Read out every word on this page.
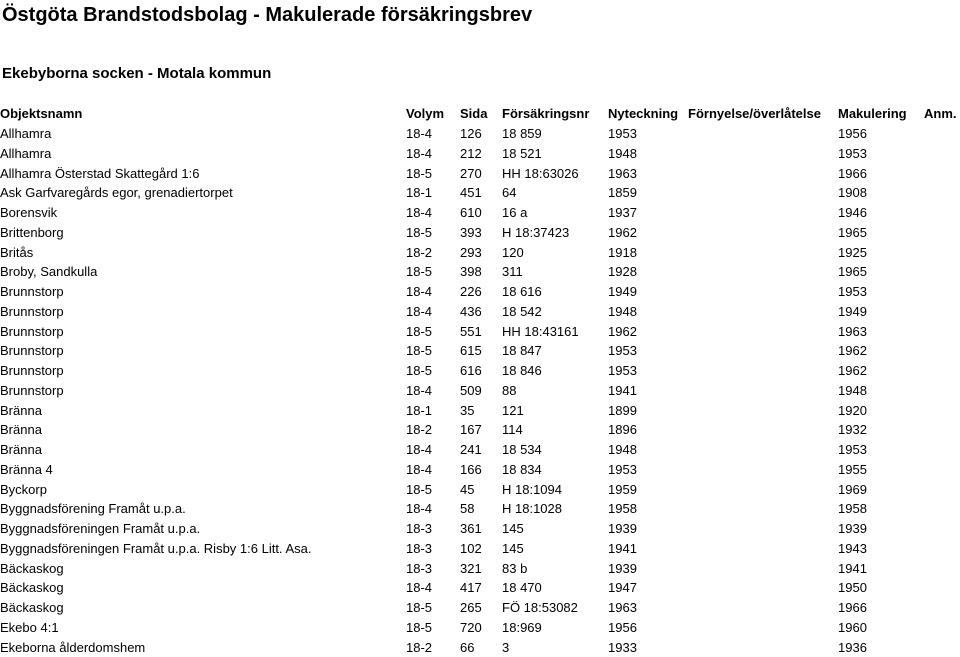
Östgöta Brandstodsbolag - Makulerade försäkringsbrev
Ekebyborna socken - Motala kommun
Objektsnamn	Volym	Sida	Försäkringsnr	Nyteckning	Förnyelse/överlåtelse	Makulering	Anm.
Allhamra	18-4	126	18 859	1953		1956	
Allhamra	18-4	212	18 521	1948		1953	
Allhamra Österstad Skattegård 1:6	18-5	270	HH 18:63026	1963		1966	
Ask Garfvaregårds egor, grenadiertorpet	18-1	451	64	1859		1908	
Borensvik	18-4	610	16 a	1937		1946	
Brittenborg	18-5	393	H 18:37423	1962		1965	
Britås	18-2	293	120	1918		1925	
Broby, Sandkulla	18-5	398	311	1928		1965	
Brunnstorp	18-4	226	18 616	1949		1953	
Brunnstorp	18-4	436	18 542	1948		1949	
Brunnstorp	18-5	551	HH 18:43161	1962		1963	
Brunnstorp	18-5	615	18 847	1953		1962	
Brunnstorp	18-5	616	18 846	1953		1962	
Brunnstorp	18-4	509	88	1941		1948	
Bränna	18-1	35	121	1899		1920	
Bränna	18-2	167	114	1896		1932	
Bränna	18-4	241	18 534	1948		1953	
Bränna 4	18-4	166	18 834	1953		1955	
Byckorp	18-5	45	H 18:1094	1959		1969	
Byggnadsförening Framåt u.p.a.	18-4	58	H 18:1028	1958		1958	
Byggnadsföreningen Framåt u.p.a.	18-3	361	145	1939		1939	
Byggnadsföreningen Framåt u.p.a. Risby 1:6 Litt. Asa.	18-3	102	145	1941		1943	
Bäckaskog	18-3	321	83 b	1939		1941	
Bäckaskog	18-4	417	18 470	1947		1950	
Bäckaskog	18-5	265	FÖ 18:53082	1963		1966	
Ekebo 4:1	18-5	720	18:969	1956		1960	
Ekeborna ålderdomshem	18-2	66	3	1933		1936	
